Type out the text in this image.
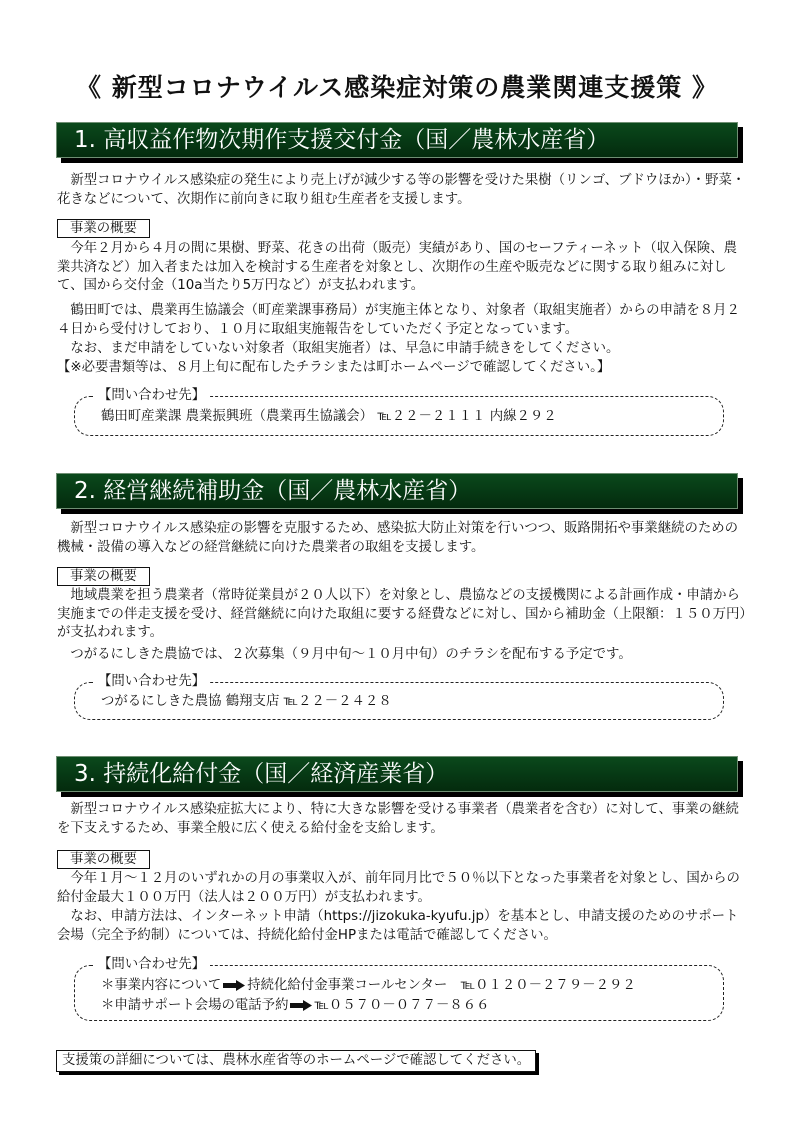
《 新型コロナウイルス感染症対策の農業関連支援策 》
1. 高収益作物次期作支援交付金（国／農林水産省）

新型コロナウイルス感染症の発生により売上げが減少する等の影響を受けた果樹（リンゴ、ブドウほか）・野菜・花きなどについて、次期作に前向きに取り組む生産者を支援します。

事業の概要

今年２月から４月の間に果樹、野菜、花きの出荷（販売）実績があり、国のセーフティーネット（収入保険、農業共済など）加入者または加入を検討する生産者を対象とし、次期作の生産や販売などに関する取り組みに対して、国から交付金（10a当たり5万円など）が支払われます。

鶴田町では、農業再生協議会（町産業課事務局）が実施主体となり、対象者（取組実施者）からの申請を８月２４日から受付けしており、１０月に取組実施報告をしていただく予定となっています。

なお、まだ申請をしていない対象者（取組実施者）は、早急に申請手続きをしてください。

【※必要書類等は、８月上旬に配布したチラシまたは町ホームページで確認してください。】

【問い合わせ先】
鶴田町産業課 農業振興班（農業再生協議会） ℡２２－２１１１ 内線２９２
2. 経営継続補助金（国／農林水産省）

新型コロナウイルス感染症の影響を克服するため、感染拡大防止対策を行いつつ、販路開拓や事業継続のための機械・設備の導入などの経営継続に向けた農業者の取組を支援します。

事業の概要

地域農業を担う農業者（常時従業員が２０人以下）を対象とし、農協などの支援機関による計画作成・申請から実施までの伴走支援を受け、経営継続に向けた取組に要する経費などに対し、国から補助金（上限額：１５０万円）が支払われます。

つがるにしきた農協では、２次募集（９月中旬～１０月中旬）のチラシを配布する予定です。

【問い合わせ先】
つがるにしきた農協 鶴翔支店 ℡２２－２４２８
3. 持続化給付金（国／経済産業省）

新型コロナウイルス感染症拡大により、特に大きな影響を受ける事業者（農業者を含む）に対して、事業の継続を下支えするため、事業全般に広く使える給付金を支給します。

事業の概要

今年１月～１２月のいずれかの月の事業収入が、前年同月比で５０％以下となった事業者を対象とし、国からの給付金最大１００万円（法人は２００万円）が支払われます。

なお、申請方法は、インターネット申請（https://jizokuka-kyufu.jp）を基本とし、申請支援のためのサポート会場（完全予約制）については、持続化給付金HPまたは電話で確認してください。

【問い合わせ先】
＊事業内容について 持続化給付金事業コールセンター　℡０１２０－２７９－２９２
＊申請サポート会場の電話予約 ℡０５７０－０７７－８６６
支援策の詳細については、農林水産省等のホームページで確認してください。
